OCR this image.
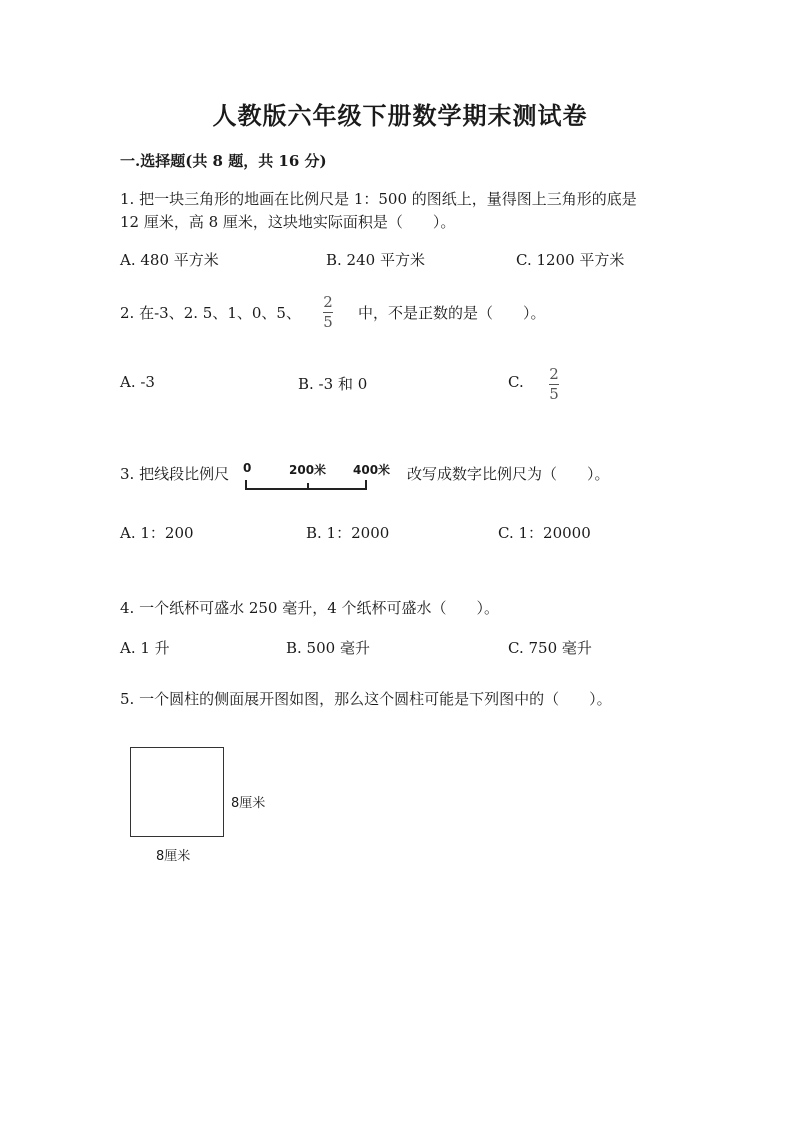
人教版六年级下册数学期末测试卷
一.选择题(共 8 题，共 16 分)
1. 把一块三角形的地画在比例尺是 1：500 的图纸上，量得图上三角形的底是
12 厘米，高 8 厘米，这块地实际面积是（　　）。
A. 480 平方米	B. 240 平方米	C. 1200 平方米
2. 在-3、2. 5、1、0、5、
2
5 中，不是正数的是（　　）。
A. -3	B. -3 和 0	C. 2
5
3. 把线段比例尺 0	200米 400米 改写成数字比例尺为（　　）。
A. 1：200	B. 1：2000	C. 1：20000
4. 一个纸杯可盛水 250 毫升，4 个纸杯可盛水（　　）。
A. 1 升	B. 500 毫升	C. 750 毫升
5. 一个圆柱的侧面展开图如图，那么这个圆柱可能是下列图中的（　　）。
8厘米
8厘米
